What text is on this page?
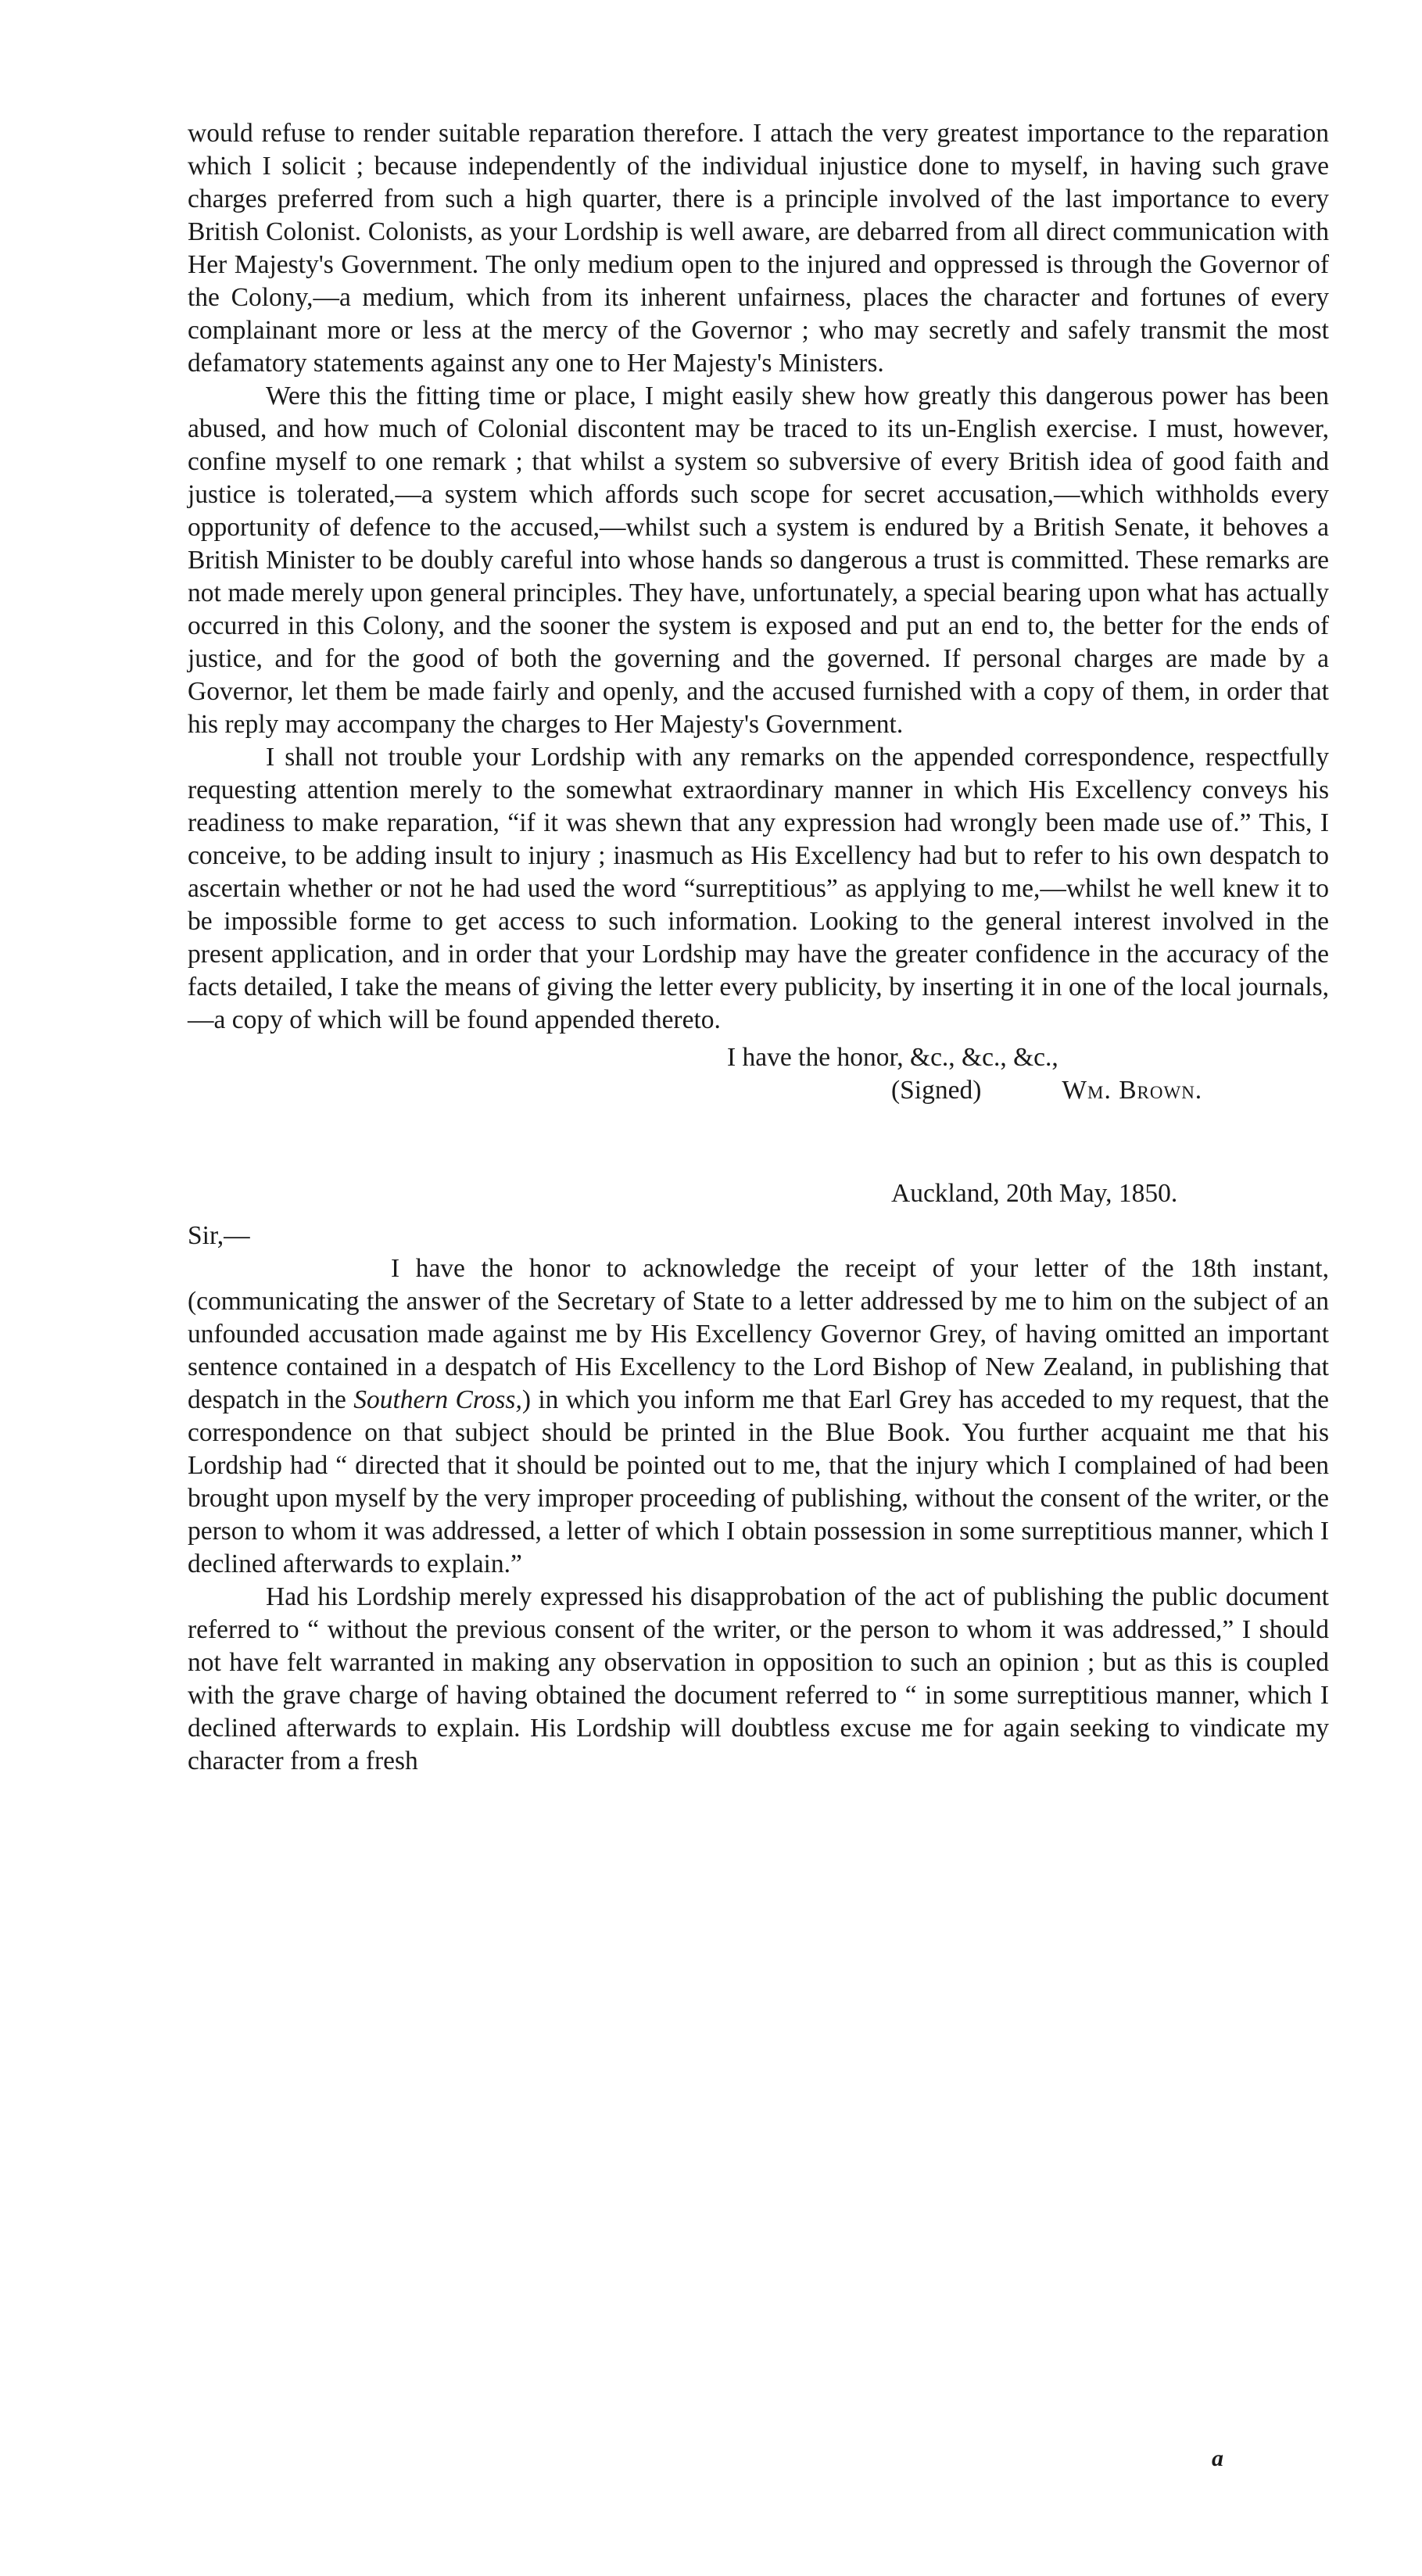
would refuse to render suitable reparation therefore. I attach the very greatest importance to the reparation which I solicit ; because independently of the individual injustice done to myself, in having such grave charges preferred from such a high quarter, there is a principle involved of the last importance to every British Colonist. Colonists, as your Lordship is well aware, are debarred from all direct communication with Her Majesty's Government. The only medium open to the injured and oppressed is through the Governor of the Colony,—a medium, which from its inherent unfairness, places the character and fortunes of every complainant more or less at the mercy of the Governor ; who may secretly and safely transmit the most defamatory statements against any one to Her Majesty's Ministers.

Were this the fitting time or place, I might easily shew how greatly this dangerous power has been abused, and how much of Colonial discontent may be traced to its un-English exercise. I must, however, confine myself to one remark ; that whilst a system so subversive of every British idea of good faith and justice is tolerated,—a system which affords such scope for secret accusation,—which withholds every opportunity of defence to the accused,—whilst such a system is endured by a British Senate, it behoves a British Minister to be doubly careful into whose hands so dangerous a trust is committed. These remarks are not made merely upon general principles. They have, unfortunately, a special bearing upon what has actually occurred in this Colony, and the sooner the system is exposed and put an end to, the better for the ends of justice, and for the good of both the governing and the governed. If personal charges are made by a Governor, let them be made fairly and openly, and the accused furnished with a copy of them, in order that his reply may accompany the charges to Her Majesty's Government.

I shall not trouble your Lordship with any remarks on the appended correspondence, respectfully requesting attention merely to the somewhat extraordinary manner in which His Excellency conveys his readiness to make reparation, “if it was shewn that any expression had wrongly been made use of.” This, I conceive, to be adding insult to injury ; inasmuch as His Excellency had but to refer to his own despatch to ascertain whether or not he had used the word “surreptitious” as applying to me,—whilst he well knew it to be impossible forme to get access to such information. Looking to the general interest involved in the present application, and in order that your Lordship may have the greater confidence in the accuracy of the facts detailed, I take the means of giving the letter every publicity, by inserting it in one of the local journals,—a copy of which will be found appended thereto.

I have the honor, &c., &c., &c.,

(Signed)	Wm. Brown.

Auckland, 20th May, 1850.

Sir,—

I have the honor to acknowledge the receipt of your letter of the 18th instant, (communicating the answer of the Secretary of State to a letter addressed by me to him on the subject of an unfounded accusation made against me by His Excellency Governor Grey, of having omitted an important sentence contained in a despatch of His Excellency to the Lord Bishop of New Zealand, in publishing that despatch in the Southern Cross,) in which you inform me that Earl Grey has acceded to my request, that the correspondence on that subject should be printed in the Blue Book. You further acquaint me that his Lordship had “ directed that it should be pointed out to me, that the injury which I complained of had been brought upon myself by the very improper proceeding of publishing, without the consent of the writer, or the person to whom it was addressed, a letter of which I obtain possession in some surreptitious manner, which I declined afterwards to explain.”

Had his Lordship merely expressed his disapprobation of the act of publishing the public document referred to “ without the previous consent of the writer, or the person to whom it was addressed,” I should not have felt warranted in making any observation in opposition to such an opinion ; but as this is coupled with the grave charge of having obtained the document referred to “ in some surreptitious manner, which I declined afterwards to explain. His Lordship will doubtless excuse me for again seeking to vindicate my character from a fresh

a
